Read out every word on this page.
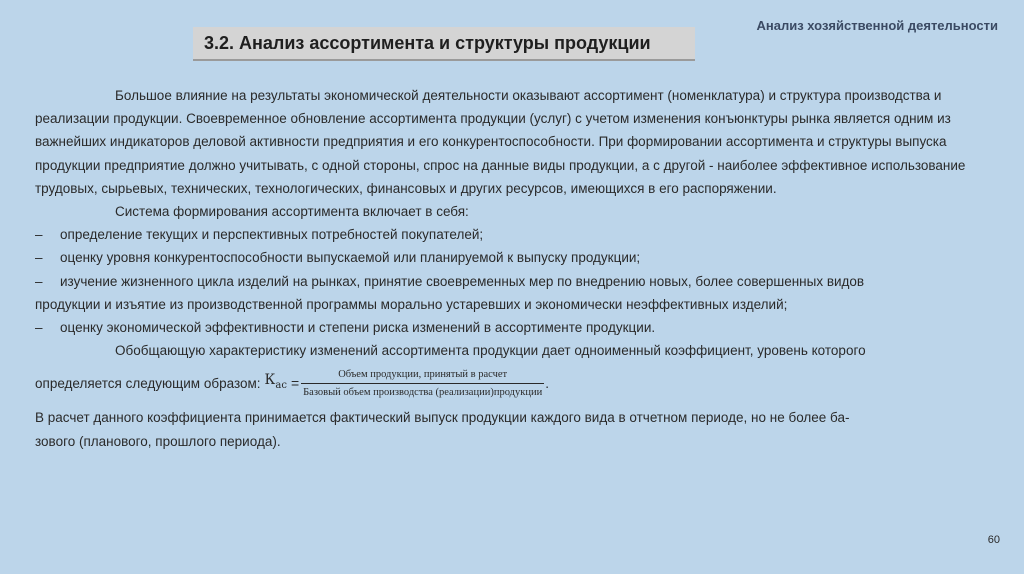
Анализ хозяйственной деятельности
3.2. Анализ ассортимента и структуры продукции

Большое влияние на результаты экономической деятельности оказывают ассортимент (номенклатура) и структура производства и реализации продукции. Своевременное обновление ассортимента продукции (услуг) с учетом изменения конъюнктуры рынка является одним из важнейших индикаторов деловой активности предприятия и его конкурентоспособности. При формировании ассортимента и структуры выпуска продукции предприятие должно учитывать, с одной стороны, спрос на данные виды продукции, а с другой - наиболее эффективное использование трудовых, сырьевых, технических, технологических, финансовых и других ресурсов, имеющихся в его распоряжении.

Система формирования ассортимента включает в себя:

–	определение текущих и перспективных потребностей покупателей;
–	оценку уровня конкурентоспособности выпускаемой или планируемой к выпуску продукции;
–	изучение жизненного цикла изделий на рынках, принятие своевременных мер по внедрению новых, более совершенных видов

продукции и изъятие из производственной программы морально устаревших и экономически неэффективных изделий;

–	оценку экономической эффективности и степени риска изменений в ассортименте продукции.

Обобщающую характеристику изменений ассортимента продукции дает одноименный коэффициент, уровень которого

определяется следующим образом: $К_{ас} = \frac{\text{Объем продукции, принятый в расчет}}{\text{Базовый объем производства (реализации)продукции}}$ .

В расчет данного коэффициента принимается фактический выпуск продукции каждого вида в отчетном периоде, но не более ба-

зового (планового, прошлого периода).

60
